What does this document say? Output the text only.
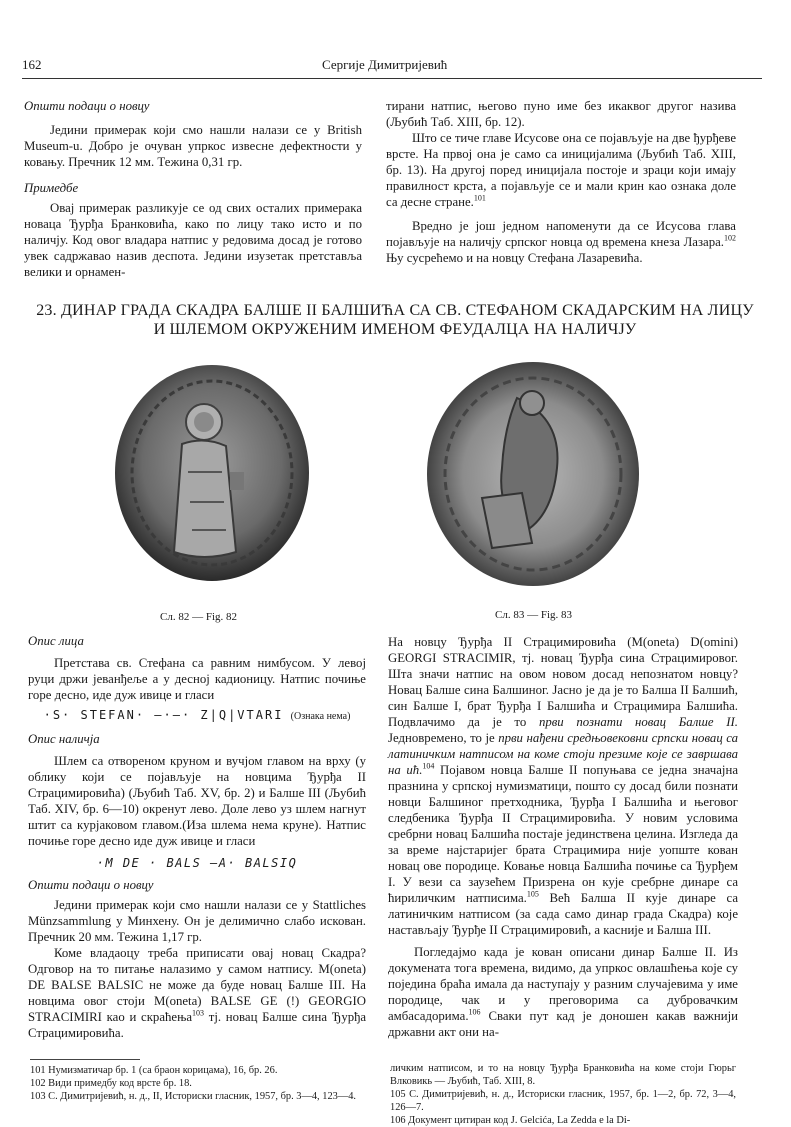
162	Сергије Димитријевић

Општи подаци о новцу

Једини примерак који смо нашли налази се у British Museum-u. Добро је очуван упркос извесне дефектности у ковању. Пречник 12 мм. Тежина 0,31 гр.

Примедбе

Овај примерак разликује се од свих осталих примерака новаца Ђурђа Бранковића, како по лицу тако исто и по наличју. Код овог владара натпис у редовима досад је готово увек садржавао назив деспота. Једини изузетак претставља велики и орнамен-

тирани натпис, његово пуно име без икаквог другог назива (Љубић Таб. XIII, бр. 12).

Што се тиче главе Исусове она се појављује на две ђурђеве врсте. На првој она је само са иницијалима (Љубић Таб. XIII, бр. 13). На другој поред иницијала постоје и зраци који имају правилност крста, а појављује се и мали крин као ознака доле са десне стране.$^{101}$

Вредно је још једном напоменути да се Исусова глава појављује на наличју српског новца од времена кнеза Лазара.$^{102}$ Њу сусрећемо и на новцу Стефана Лазаревића.

23. ДИНАР ГРАДА СКАДРА БАЛШЕ II БАЛШИЋА СА СВ. СТЕФАНОМ СКАДАРСКИМ НА ЛИЦУ
И ШЛЕМОМ ОКРУЖЕНИМ ИМЕНОМ ФЕУДАЛЦА НА НАЛИЧЈУ
Сл. 82 — Fig. 82	Сл. 83 — Fig. 83

Опис лица

Претстава св. Стефана са равним нимбусом. У левој руци држи јеванђеље а у десној кадионицу. Натпис почиње горе десно, иде дуж ивице и гласи

·S· STEFAN· —·—· Z|Q|VTARI (Ознака нема)

Опис наличја

Шлем са отвореном круном и вучјом главом на врху (у облику који се појављује на новцима Ђурђа II Страцимировића) (Љубић Таб. XV, бр. 2) и Балше III (Љубић Таб. XIV, бр. 6—10) окренут лево. Доле лево уз шлем нагнут штит са курјаковом главом.(Иза шлема нема круне). Натпис почиње горе десно иде дуж ивице и гласи

·M DE · BALS —A· BALSIQ

Општи подаци о новцу

Једини примерак који смо нашли налази се у Stattliches Münzsammlung у Минхену. Он је делимично слабо искован. Пречник 20 мм. Тежина 1,17 гр.

Коме владаоцу треба приписати овај новац Скадра? Одговор на то питање налазимо у самом натпису. M(oneta) DE BALSE BALSIC не може да буде новац Балше III. На новцима овог стоји M(oneta) BALSE GE (!) GEORGIO STRACIMIRI као и скраћења$^{103}$ тј. новац Балше сина Ђурђа Страцимировића.

На новцу Ђурђа II Страцимировића (M(oneta) D(omini) GEORGI STRACIMIR, тј. новац Ђурђа сина Страцимировог. Шта значи натпис на овом новом досад непознатом новцу? Новац Балше сина Балшиног. Јасно је да је то Балша II Балшић, син Балше I, брат Ђурђа I Балшића и Страцимира Балшића. Подвлачимо да је то први познати новац Балше II. Једновремено, то је први нађени средњовековни српски новац са латиничким натписом на коме стоји презиме које се завршава на ић.$^{104}$ Појавом новца Балше II попуњава се једна значајна празнина у српској нумизматици, пошто су досад били познати новци Балшиног претходника, Ђурђа I Балшића и његовог следбеника Ђурђа II Страцимировића. У новим условима сребрни новац Балшића постаје јединствена целина. Изгледа да за време најстаријег брата Страцимира није уопште кован новац ове породице. Ковање новца Балшића почиње са Ђурђем I. У вези са заузећем Призрена он кује сребрне динаре са ћириличким натписима.$^{105}$ Већ Балша II кује динаре са латиничким натписом (за сада само динар града Скадра) које настављају Ђурђе II Страцимировић, а касније и Балша III.

Погледајмо када је кован описани динар Балше II. Из докумената тога времена, видимо, да упркос овлашћења које су поједина браћа имала да наступају у разним случајевима у име породице, чак и у преговорима са дубровачким амбасадорима.$^{106}$ Сваки пут кад је доношен какав важнији државни акт они на-

101 Нумизматичар бр. 1 (са браон корицама), 16, бр. 26.

102 Види примедбу код врсте бр. 18.

103 С. Димитријевић, н. д., II, Историски гласник, 1957, бр. 3—4, 123—4.

личким натписом, и то на новцу Ђурђа Бранковића на коме стоји Гюрьг Влковикь — Љубић, Таб. XIII, 8.

105 С. Димитријевић, н. д., Историски гласник, 1957, бр. 1—2, бр. 72, 3—4, 126—7.

106 Документ цитиран код J. Gelcića, La Zedda e la Di-
